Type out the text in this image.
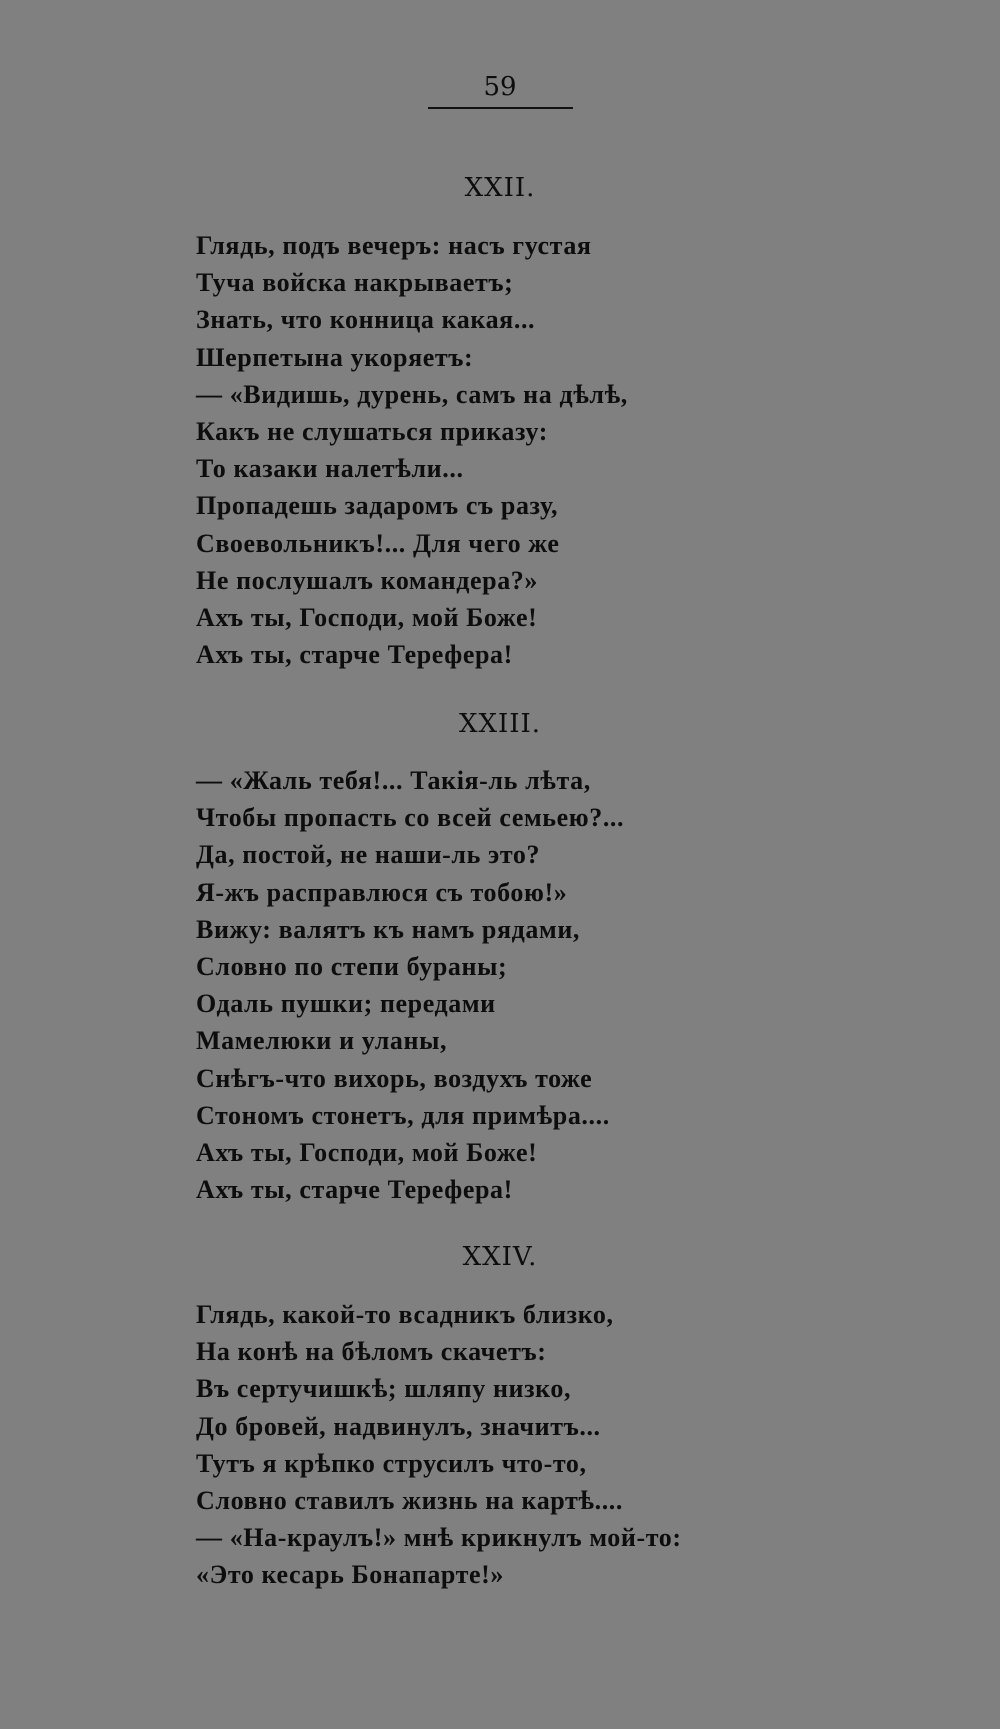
59
XXII.
Глядь, подъ вечеръ: насъ густая
Туча войска накрываетъ;
Знать, что конница какая...
Шерпетына укоряетъ:
— «Видишь, дурень, самъ на дѣлѣ,
Какъ не слушаться приказу:
То казаки налетѣли...
Пропадешь задаромъ съ разу,
Своевольникъ!... Для чего же
Не послушалъ командера?»
Ахъ ты, Господи, мой Боже!
Ахъ ты, старче Терефера!
XXIII.
— «Жаль тебя!... Такія-ль лѣта,
Чтобы пропасть со всей семьею?...
Да, постой, не наши-ль это?
Я-жъ расправлюся съ тобою!»
Вижу: валятъ къ намъ рядами,
Словно по степи бураны;
Одаль пушки; передами
Мамелюки и уланы,
Снѣгъ-что вихорь, воздухъ тоже
Стономъ стонетъ, для примѣра....
Ахъ ты, Господи, мой Боже!
Ахъ ты, старче Терефера!
XXIV.
Глядь, какой-то всадникъ близко,
На конѣ на бѣломъ скачетъ:
Въ сертучишкѣ; шляпу низко,
До бровей, надвинулъ, значитъ...
Тутъ я крѣпко струсилъ что-то,
Словно ставилъ жизнь на картѣ....
— «На-краулъ!» мнѣ крикнулъ мой-то:
«Это кесарь Бонапарте!»
